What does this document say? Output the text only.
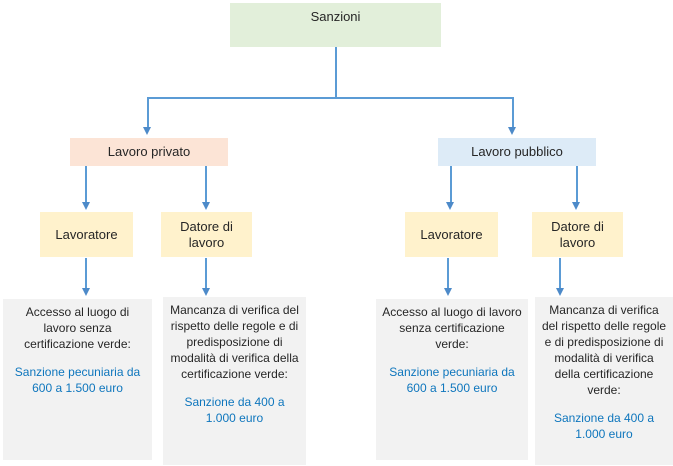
Sanzioni
Lavoro privato	Lavoro pubblico
Lavoratore
Datore di lavoro
Lavoratore
Datore di lavoro

Accesso al luogo di lavoro senza certificazione verde:

Sanzione pecuniaria da 600 a 1.500 euro

Mancanza di verifica del rispetto delle regole e di predisposizione di modalità di verifica della certificazione verde:

Sanzione da 400 a 1.000 euro

Accesso al luogo di lavoro senza certificazione verde:

Sanzione pecuniaria da 600 a 1.500 euro

Mancanza di verifica del rispetto delle regole e di predisposizione di modalità di verifica della certificazione verde:

Sanzione da 400 a 1.000 euro
